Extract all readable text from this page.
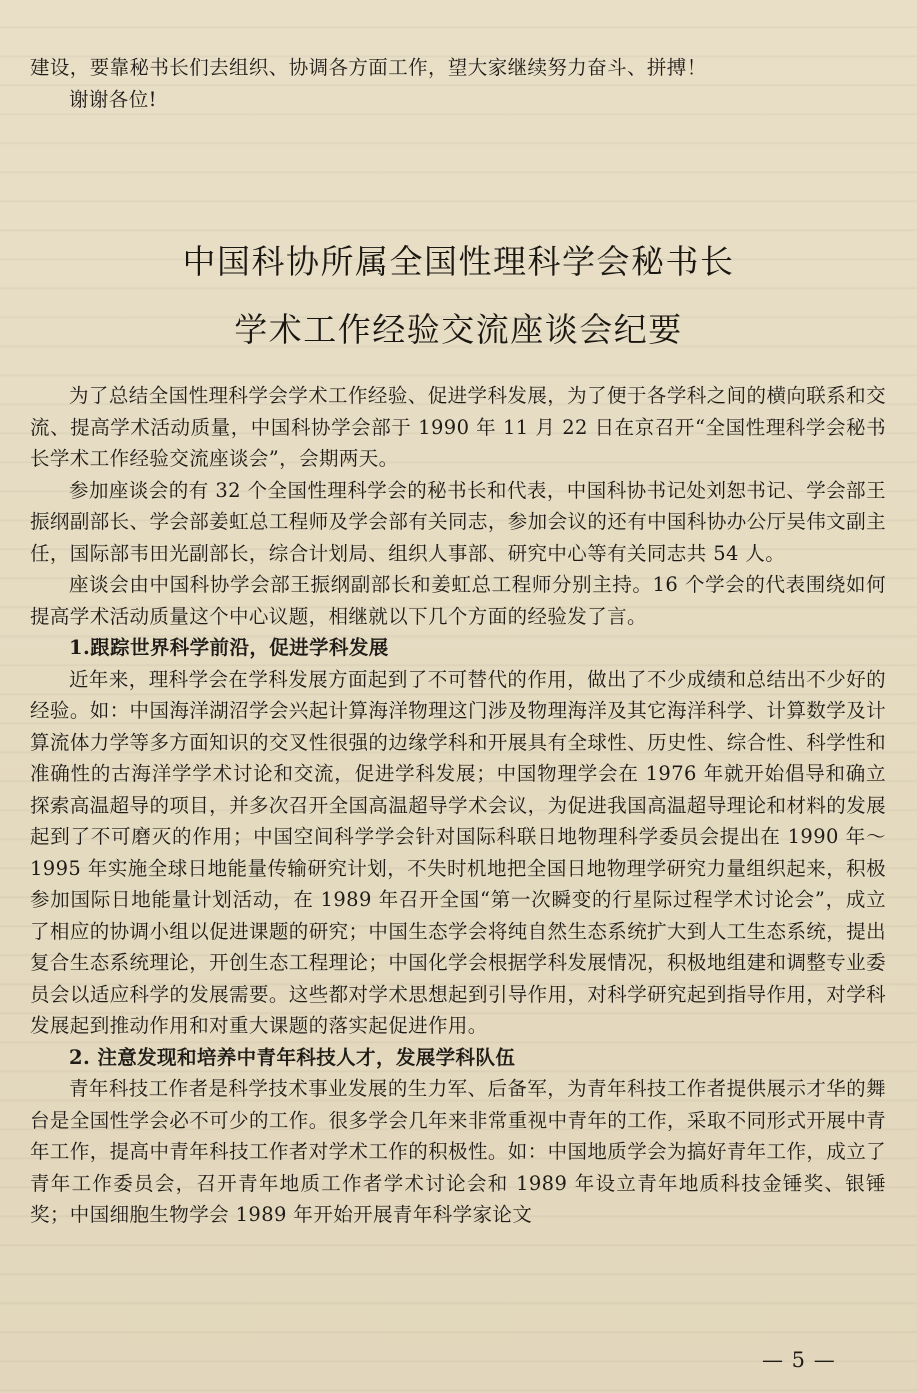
建设，要靠秘书长们去组织、协调各方面工作，望大家继续努力奋斗、拼搏！

谢谢各位!

中国科协所属全国性理科学会秘书长
学术工作经验交流座谈会纪要

为了总结全国性理科学会学术工作经验、促进学科发展，为了便于各学科之间的横向联系和交流、提高学术活动质量，中国科协学会部于 1990 年 11 月 22 日在京召开“全国性理科学会秘书长学术工作经验交流座谈会”，会期两天。

参加座谈会的有 32 个全国性理科学会的秘书长和代表，中国科协书记处刘恕书记、学会部王振纲副部长、学会部姜虹总工程师及学会部有关同志，参加会议的还有中国科协办公厅吴伟文副主任，国际部韦田光副部长，综合计划局、组织人事部、研究中心等有关同志共 54 人。

座谈会由中国科协学会部王振纲副部长和姜虹总工程师分别主持。16 个学会的代表围绕如何提高学术活动质量这个中心议题，相继就以下几个方面的经验发了言。

1.跟踪世界科学前沿，促进学科发展

近年来，理科学会在学科发展方面起到了不可替代的作用，做出了不少成绩和总结出不少好的经验。如：中国海洋湖沼学会兴起计算海洋物理这门涉及物理海洋及其它海洋科学、计算数学及计算流体力学等多方面知识的交叉性很强的边缘学科和开展具有全球性、历史性、综合性、科学性和准确性的古海洋学学术讨论和交流，促进学科发展；中国物理学会在 1976 年就开始倡导和确立探索高温超导的项目，并多次召开全国高温超导学术会议，为促进我国高温超导理论和材料的发展起到了不可磨灭的作用；中国空间科学学会针对国际科联日地物理科学委员会提出在 1990 年～1995 年实施全球日地能量传输研究计划，不失时机地把全国日地物理学研究力量组织起来，积极参加国际日地能量计划活动，在 1989 年召开全国“第一次瞬变的行星际过程学术讨论会”，成立了相应的协调小组以促进课题的研究；中国生态学会将纯自然生态系统扩大到人工生态系统，提出复合生态系统理论，开创生态工程理论；中国化学会根据学科发展情况，积极地组建和调整专业委员会以适应科学的发展需要。这些都对学术思想起到引导作用，对科学研究起到指导作用，对学科发展起到推动作用和对重大课题的落实起促进作用。

2. 注意发现和培养中青年科技人才，发展学科队伍

青年科技工作者是科学技术事业发展的生力军、后备军，为青年科技工作者提供展示才华的舞台是全国性学会必不可少的工作。很多学会几年来非常重视中青年的工作，采取不同形式开展中青年工作，提高中青年科技工作者对学术工作的积极性。如：中国地质学会为搞好青年工作，成立了青年工作委员会，召开青年地质工作者学术讨论会和 1989 年设立青年地质科技金锤奖、银锤奖；中国细胞生物学会 1989 年开始开展青年科学家论文

— 5 —
